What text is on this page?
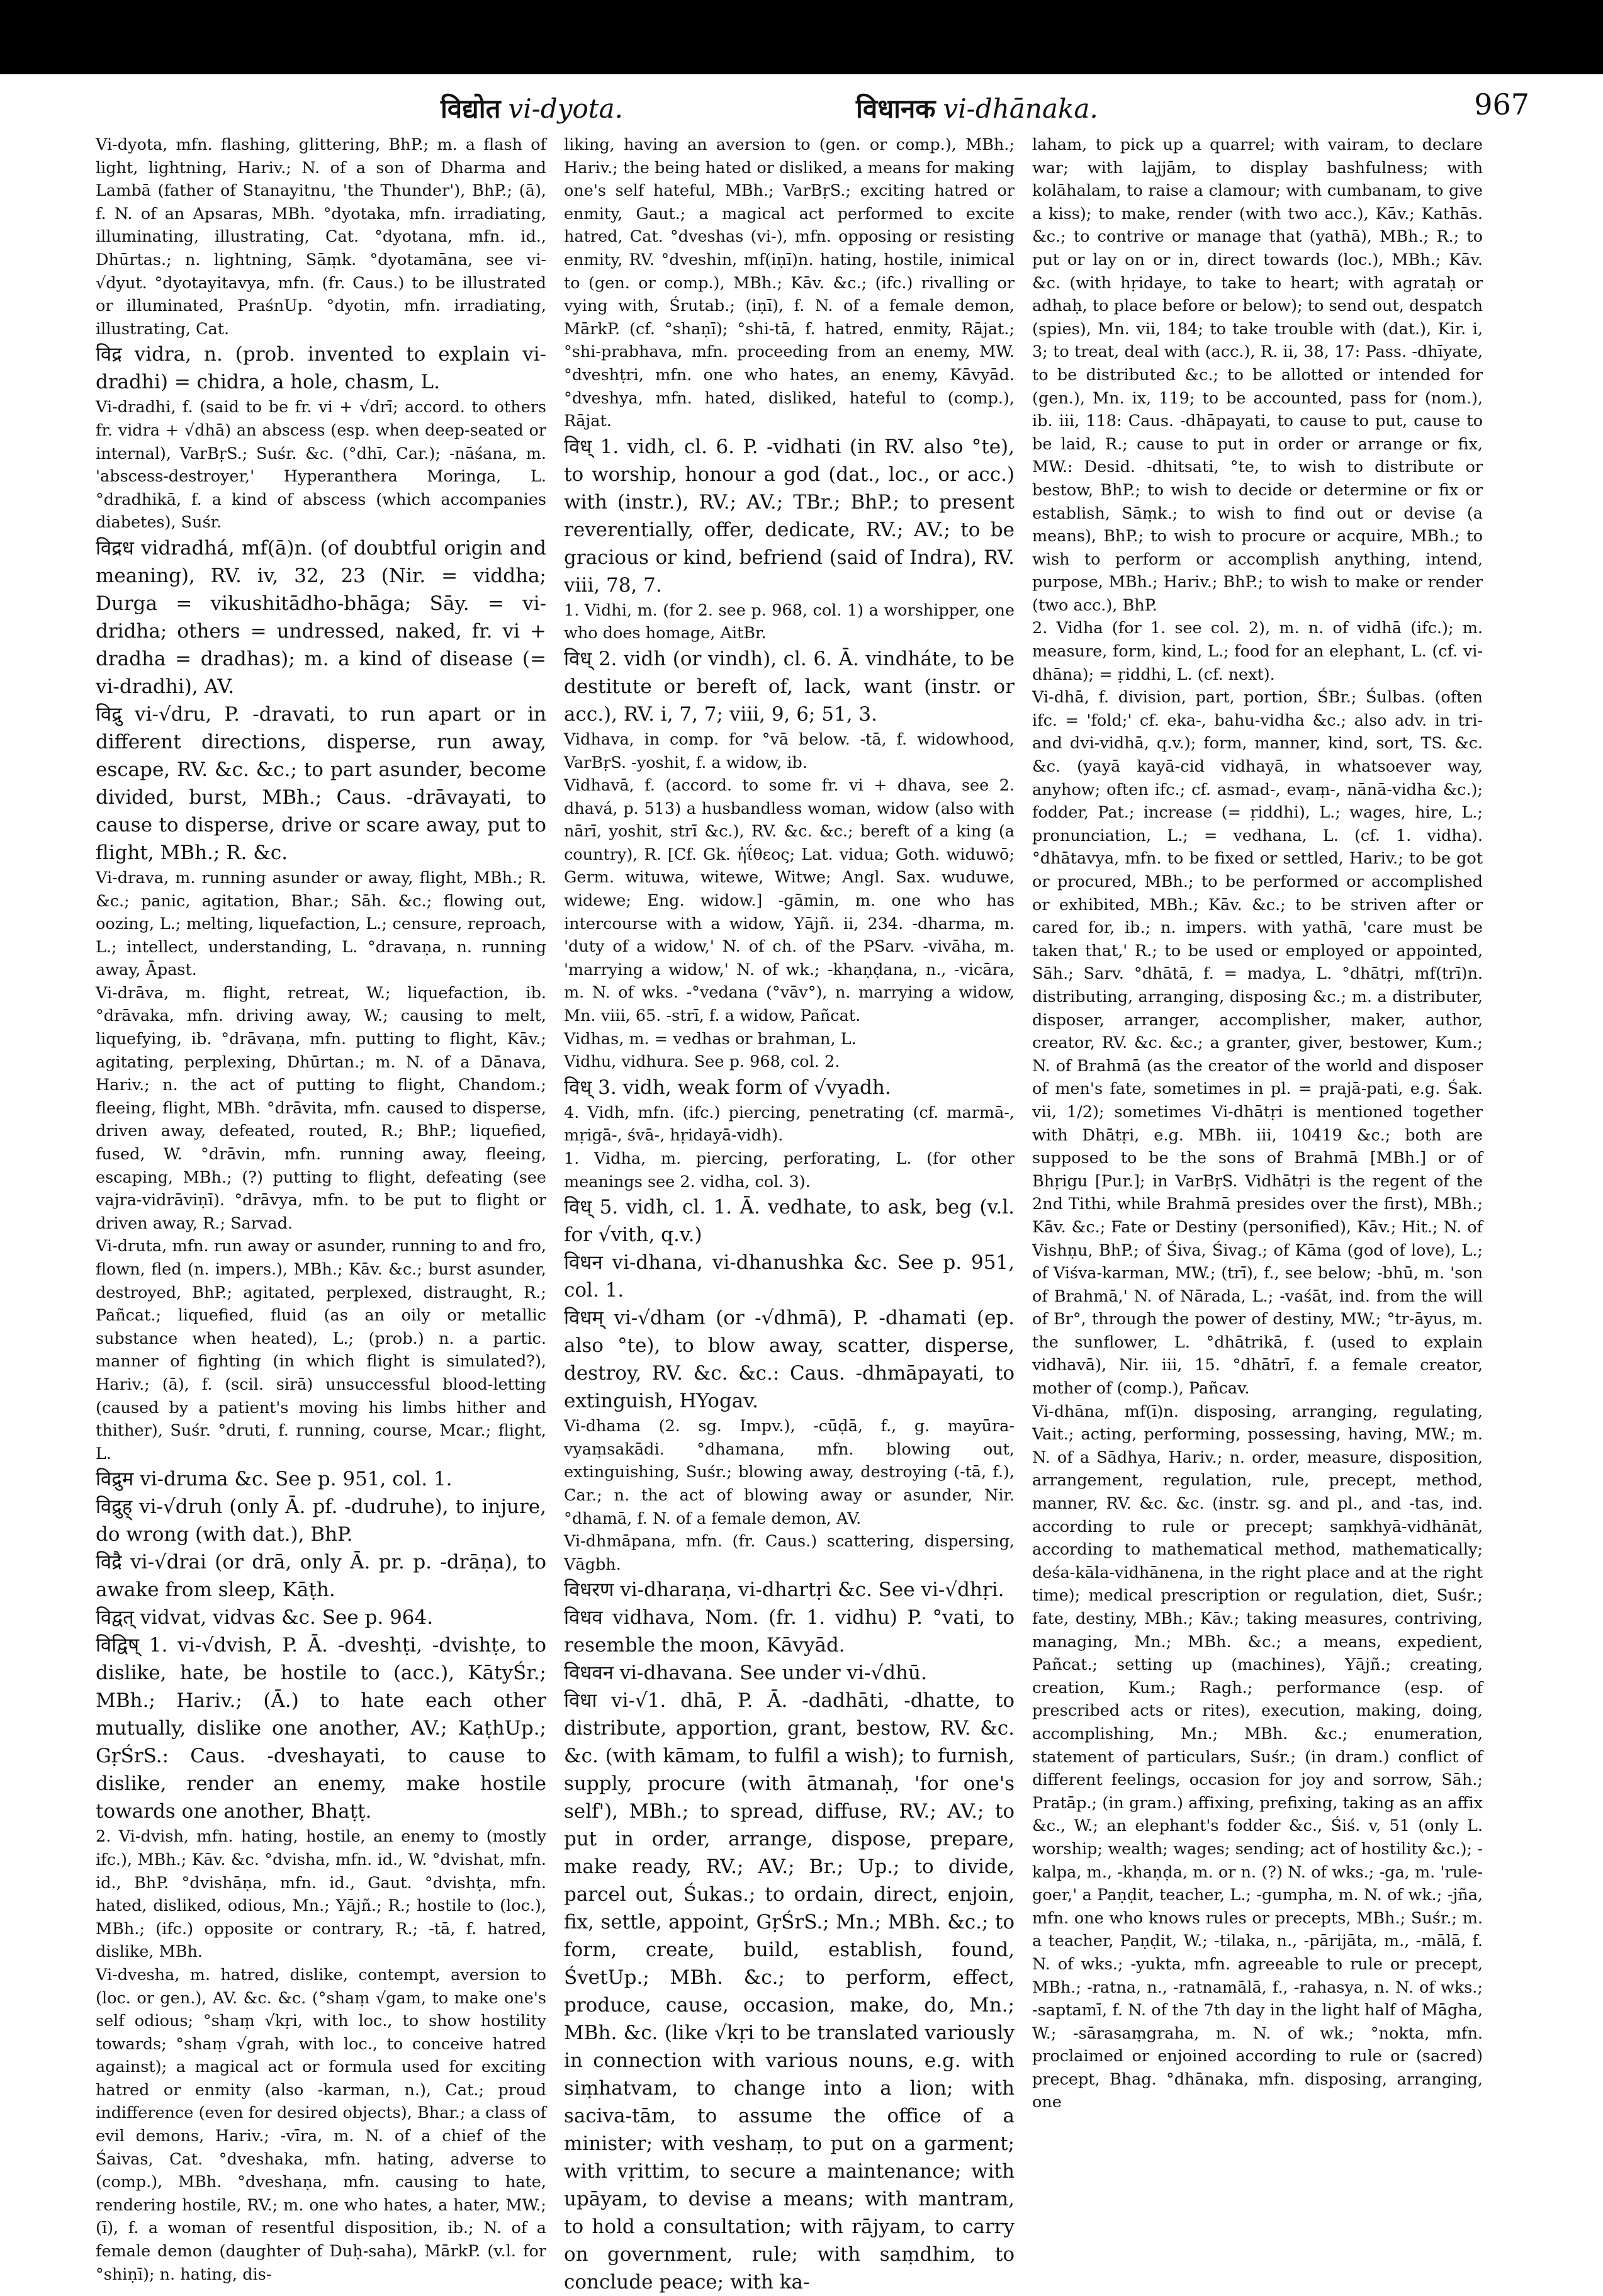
विद्योत vi-dyota.	विधानक vi-dhānaka.	967

Vi-dyota, mfn. flashing, glittering, BhP.; m. a flash of light, lightning, Hariv.; N. of a son of Dharma and Lambā (father of Stanayitnu, 'the Thunder'), BhP.; (ā), f. N. of an Apsaras, MBh. °dyotaka, mfn. irradiating, illuminating, illustrating, Cat. °dyotana, mfn. id., Dhūrtas.; n. lightning, Sāṃk. °dyotamāna, see vi-√dyut. °dyotayitavya, mfn. (fr. Caus.) to be illustrated or illuminated, PraśnUp. °dyotin, mfn. irradiating, illustrating, Cat.

विद्र vidra, n. (prob. invented to explain vi-dradhi) = chidra, a hole, chasm, L.

Vi-dradhi, f. (said to be fr. vi + √drī; accord. to others fr. vidra + √dhā) an abscess (esp. when deep-seated or internal), VarBṛS.; Suśr. &c. (°dhī, Car.); -nāśana, m. 'abscess-destroyer,' Hyperanthera Moringa, L. °dradhikā, f. a kind of abscess (which accompanies diabetes), Suśr.

विद्रध vidradhá, mf(ā)n. (of doubtful origin and meaning), RV. iv, 32, 23 (Nir. = viddha; Durga = vikushitādho-bhāga; Sāy. = vi-dridha; others = undressed, naked, fr. vi + dradha = dradhas); m. a kind of disease (= vi-dradhi), AV.

विद्रु vi-√dru, P. -dravati, to run apart or in different directions, disperse, run away, escape, RV. &c. &c.; to part asunder, become divided, burst, MBh.; Caus. -drāvayati, to cause to disperse, drive or scare away, put to flight, MBh.; R. &c.

Vi-drava, m. running asunder or away, flight, MBh.; R. &c.; panic, agitation, Bhar.; Sāh. &c.; flowing out, oozing, L.; melting, liquefaction, L.; censure, reproach, L.; intellect, understanding, L. °dravaṇa, n. running away, Āpast.

Vi-drāva, m. flight, retreat, W.; liquefaction, ib. °drāvaka, mfn. driving away, W.; causing to melt, liquefying, ib. °drāvaṇa, mfn. putting to flight, Kāv.; agitating, perplexing, Dhūrtan.; m. N. of a Dānava, Hariv.; n. the act of putting to flight, Chandom.; fleeing, flight, MBh. °drāvita, mfn. caused to disperse, driven away, defeated, routed, R.; BhP.; liquefied, fused, W. °drāvin, mfn. running away, fleeing, escaping, MBh.; (?) putting to flight, defeating (see vajra-vidrāviṇī). °drāvya, mfn. to be put to flight or driven away, R.; Sarvad.

Vi-druta, mfn. run away or asunder, running to and fro, flown, fled (n. impers.), MBh.; Kāv. &c.; burst asunder, destroyed, BhP.; agitated, perplexed, distraught, R.; Pañcat.; liquefied, fluid (as an oily or metallic substance when heated), L.; (prob.) n. a partic. manner of fighting (in which flight is simulated?), Hariv.; (ā), f. (scil. sirā) unsuccessful blood-letting (caused by a patient's moving his limbs hither and thither), Suśr. °druti, f. running, course, Mcar.; flight, L.

विद्रुम vi-druma &c. See p. 951, col. 1.

विद्रुह् vi-√druh (only Ā. pf. -dudruhe), to injure, do wrong (with dat.), BhP.

विद्रै vi-√drai (or drā, only Ā. pr. p. -drāṇa), to awake from sleep, Kāṭh.

विद्वत् vidvat, vidvas &c. See p. 964.

विद्विष् 1. vi-√dvish, P. Ā. -dveshṭi, -dvishṭe, to dislike, hate, be hostile to (acc.), KātyŚr.; MBh.; Hariv.; (Ā.) to hate each other mutually, dislike one another, AV.; KaṭhUp.; GṛŚrS.: Caus. -dveshayati, to cause to dislike, render an enemy, make hostile towards one another, Bhaṭṭ.

2. Vi-dvish, mfn. hating, hostile, an enemy to (mostly ifc.), MBh.; Kāv. &c. °dvisha, mfn. id., W. °dvishat, mfn. id., BhP. °dvishāṇa, mfn. id., Gaut. °dvishṭa, mfn. hated, disliked, odious, Mn.; Yājñ.; R.; hostile to (loc.), MBh.; (ifc.) opposite or contrary, R.; -tā, f. hatred, dislike, MBh.

Vi-dvesha, m. hatred, dislike, contempt, aversion to (loc. or gen.), AV. &c. &c. (°shaṃ √gam, to make one's self odious; °shaṃ √kṛi, with loc., to show hostility towards; °shaṃ √grah, with loc., to conceive hatred against); a magical act or formula used for exciting hatred or enmity (also -karman, n.), Cat.; proud indifference (even for desired objects), Bhar.; a class of evil demons, Hariv.; -vīra, m. N. of a chief of the Śaivas, Cat. °dveshaka, mfn. hating, adverse to (comp.), MBh. °dveshaṇa, mfn. causing to hate, rendering hostile, RV.; m. one who hates, a hater, MW.; (ī), f. a woman of resentful disposition, ib.; N. of a female demon (daughter of Duḥ-saha), MārkP. (v.l. for °shiṇī); n. hating, dis-

liking, having an aversion to (gen. or comp.), MBh.; Hariv.; the being hated or disliked, a means for making one's self hateful, MBh.; VarBṛS.; exciting hatred or enmity, Gaut.; a magical act performed to excite hatred, Cat. °dveshas (vi-), mfn. opposing or resisting enmity, RV. °dveshin, mf(iṇī)n. hating, hostile, inimical to (gen. or comp.), MBh.; Kāv. &c.; (ifc.) rivalling or vying with, Śrutab.; (iṇī), f. N. of a female demon, MārkP. (cf. °shaṇī); °shi-tā, f. hatred, enmity, Rājat.; °shi-prabhava, mfn. proceeding from an enemy, MW. °dveshṭri, mfn. one who hates, an enemy, Kāvyād. °dveshya, mfn. hated, disliked, hateful to (comp.), Rājat.

विध् 1. vidh, cl. 6. P. -vidhati (in RV. also °te), to worship, honour a god (dat., loc., or acc.) with (instr.), RV.; AV.; TBr.; BhP.; to present reverentially, offer, dedicate, RV.; AV.; to be gracious or kind, befriend (said of Indra), RV. viii, 78, 7.

1. Vidhi, m. (for 2. see p. 968, col. 1) a worshipper, one who does homage, AitBr.

विध् 2. vidh (or vindh), cl. 6. Ā. vindháte, to be destitute or bereft of, lack, want (instr. or acc.), RV. i, 7, 7; viii, 9, 6; 51, 3.

Vidhava, in comp. for °vā below. -tā, f. widowhood, VarBṛS. -yoshit, f. a widow, ib.

Vidhavā, f. (accord. to some fr. vi + dhava, see 2. dhavá, p. 513) a husbandless woman, widow (also with nārī, yoshit, strī &c.), RV. &c. &c.; bereft of a king (a country), R. [Cf. Gk. ἠΐθεος; Lat. vidua; Goth. widuwō; Germ. wituwa, witewe, Witwe; Angl. Sax. wuduwe, widewe; Eng. widow.] -gāmin, m. one who has intercourse with a widow, Yājñ. ii, 234. -dharma, m. 'duty of a widow,' N. of ch. of the PSarv. -vivāha, m. 'marrying a widow,' N. of wk.; -khaṇḍana, n., -vicāra, m. N. of wks. -°vedana (°vāv°), n. marrying a widow, Mn. viii, 65. -strī, f. a widow, Pañcat.

Vidhas, m. = vedhas or brahman, L.

Vidhu, vidhura. See p. 968, col. 2.

विध् 3. vidh, weak form of √vyadh.

4. Vidh, mfn. (ifc.) piercing, penetrating (cf. marmā-, mṛigā-, śvā-, hṛidayā-vidh).

1. Vidha, m. piercing, perforating, L. (for other meanings see 2. vidha, col. 3).

विध् 5. vidh, cl. 1. Ā. vedhate, to ask, beg (v.l. for √vith, q.v.)

विधन vi-dhana, vi-dhanushka &c. See p. 951, col. 1.

विधम् vi-√dham (or -√dhmā), P. -dhamati (ep. also °te), to blow away, scatter, disperse, destroy, RV. &c. &c.: Caus. -dhmāpayati, to extinguish, HYogav.

Vi-dhama (2. sg. Impv.), -cūḍā, f., g. mayūra-vyaṃsakādi. °dhamana, mfn. blowing out, extinguishing, Suśr.; blowing away, destroying (-tā, f.), Car.; n. the act of blowing away or asunder, Nir. °dhamā, f. N. of a female demon, AV.

Vi-dhmāpana, mfn. (fr. Caus.) scattering, dispersing, Vāgbh.

विधरण vi-dharaṇa, vi-dhartṛi &c. See vi-√dhṛi.

विधव vidhava, Nom. (fr. 1. vidhu) P. °vati, to resemble the moon, Kāvyād.

विधवन vi-dhavana. See under vi-√dhū.

विधा vi-√1. dhā, P. Ā. -dadhāti, -dhatte, to distribute, apportion, grant, bestow, RV. &c. &c. (with kāmam, to fulfil a wish); to furnish, supply, procure (with ātmanaḥ, 'for one's self'), MBh.; to spread, diffuse, RV.; AV.; to put in order, arrange, dispose, prepare, make ready, RV.; AV.; Br.; Up.; to divide, parcel out, Śukas.; to ordain, direct, enjoin, fix, settle, appoint, GṛŚrS.; Mn.; MBh. &c.; to form, create, build, establish, found, ŚvetUp.; MBh. &c.; to perform, effect, produce, cause, occasion, make, do, Mn.; MBh. &c. (like √kṛi to be translated variously in connection with various nouns, e.g. with siṃhatvam, to change into a lion; with saciva-tām, to assume the office of a minister; with veshaṃ, to put on a garment; with vṛittim, to secure a maintenance; with upāyam, to devise a means; with mantram, to hold a consultation; with rājyam, to carry on government, rule; with saṃdhim, to conclude peace; with ka-

laham, to pick up a quarrel; with vairam, to declare war; with lajjām, to display bashfulness; with kolāhalam, to raise a clamour; with cumbanam, to give a kiss); to make, render (with two acc.), Kāv.; Kathās. &c.; to contrive or manage that (yathā), MBh.; R.; to put or lay on or in, direct towards (loc.), MBh.; Kāv. &c. (with hṛidaye, to take to heart; with agrataḥ or adhaḥ, to place before or below); to send out, despatch (spies), Mn. vii, 184; to take trouble with (dat.), Kir. i, 3; to treat, deal with (acc.), R. ii, 38, 17: Pass. -dhīyate, to be distributed &c.; to be allotted or intended for (gen.), Mn. ix, 119; to be accounted, pass for (nom.), ib. iii, 118: Caus. -dhāpayati, to cause to put, cause to be laid, R.; cause to put in order or arrange or fix, MW.: Desid. -dhitsati, °te, to wish to distribute or bestow, BhP.; to wish to decide or determine or fix or establish, Sāṃk.; to wish to find out or devise (a means), BhP.; to wish to procure or acquire, MBh.; to wish to perform or accomplish anything, intend, purpose, MBh.; Hariv.; BhP.; to wish to make or render (two acc.), BhP.

2. Vidha (for 1. see col. 2), m. n. of vidhā (ifc.); m. measure, form, kind, L.; food for an elephant, L. (cf. vi-dhāna); = ṛiddhi, L. (cf. next).

Vi-dhā, f. division, part, portion, ŚBr.; Śulbas. (often ifc. = 'fold;' cf. eka-, bahu-vidha &c.; also adv. in tri- and dvi-vidhā, q.v.); form, manner, kind, sort, TS. &c. &c. (yayā kayā-cid vidhayā, in whatsoever way, anyhow; often ifc.; cf. asmad-, evaṃ-, nānā-vidha &c.); fodder, Pat.; increase (= ṛiddhi), L.; wages, hire, L.; pronunciation, L.; = vedhana, L. (cf. 1. vidha). °dhātavya, mfn. to be fixed or settled, Hariv.; to be got or procured, MBh.; to be performed or accomplished or exhibited, MBh.; Kāv. &c.; to be striven after or cared for, ib.; n. impers. with yathā, 'care must be taken that,' R.; to be used or employed or appointed, Sāh.; Sarv. °dhātā, f. = madya, L. °dhātṛi, mf(trī)n. distributing, arranging, disposing &c.; m. a distributer, disposer, arranger, accomplisher, maker, author, creator, RV. &c. &c.; a granter, giver, bestower, Kum.; N. of Brahmā (as the creator of the world and disposer of men's fate, sometimes in pl. = prajā-pati, e.g. Śak. vii, 1/2); sometimes Vi-dhātṛi is mentioned together with Dhātṛi, e.g. MBh. iii, 10419 &c.; both are supposed to be the sons of Brahmā [MBh.] or of Bhṛigu [Pur.]; in VarBṛS. Vidhātṛi is the regent of the 2nd Tithi, while Brahmā presides over the first), MBh.; Kāv. &c.; Fate or Destiny (personified), Kāv.; Hit.; N. of Vishṇu, BhP.; of Śiva, Śivag.; of Kāma (god of love), L.; of Viśva-karman, MW.; (trī), f., see below; -bhū, m. 'son of Brahmā,' N. of Nārada, L.; -vaśāt, ind. from the will of Br°, through the power of destiny, MW.; °tr-āyus, m. the sunflower, L. °dhātrikā, f. (used to explain vidhavā), Nir. iii, 15. °dhātrī, f. a female creator, mother of (comp.), Pañcav.

Vi-dhāna, mf(ī)n. disposing, arranging, regulating, Vait.; acting, performing, possessing, having, MW.; m. N. of a Sādhya, Hariv.; n. order, measure, disposition, arrangement, regulation, rule, precept, method, manner, RV. &c. &c. (instr. sg. and pl., and -tas, ind. according to rule or precept; saṃkhyā-vidhānāt, according to mathematical method, mathematically; deśa-kāla-vidhānena, in the right place and at the right time); medical prescription or regulation, diet, Suśr.; fate, destiny, MBh.; Kāv.; taking measures, contriving, managing, Mn.; MBh. &c.; a means, expedient, Pañcat.; setting up (machines), Yājñ.; creating, creation, Kum.; Ragh.; performance (esp. of prescribed acts or rites), execution, making, doing, accomplishing, Mn.; MBh. &c.; enumeration, statement of particulars, Suśr.; (in dram.) conflict of different feelings, occasion for joy and sorrow, Sāh.; Pratāp.; (in gram.) affixing, prefixing, taking as an affix &c., W.; an elephant's fodder &c., Śiś. v, 51 (only L. worship; wealth; wages; sending; act of hostility &c.); -kalpa, m., -khaṇḍa, m. or n. (?) N. of wks.; -ga, m. 'rule-goer,' a Paṇḍit, teacher, L.; -gumpha, m. N. of wk.; -jña, mfn. one who knows rules or precepts, MBh.; Suśr.; m. a teacher, Paṇḍit, W.; -tilaka, n., -pārijāta, m., -mālā, f. N. of wks.; -yukta, mfn. agreeable to rule or precept, MBh.; -ratna, n., -ratnamālā, f., -rahasya, n. N. of wks.; -saptamī, f. N. of the 7th day in the light half of Māgha, W.; -sārasaṃgraha, m. N. of wk.; °nokta, mfn. proclaimed or enjoined according to rule or (sacred) precept, Bhag. °dhānaka, mfn. disposing, arranging, one
